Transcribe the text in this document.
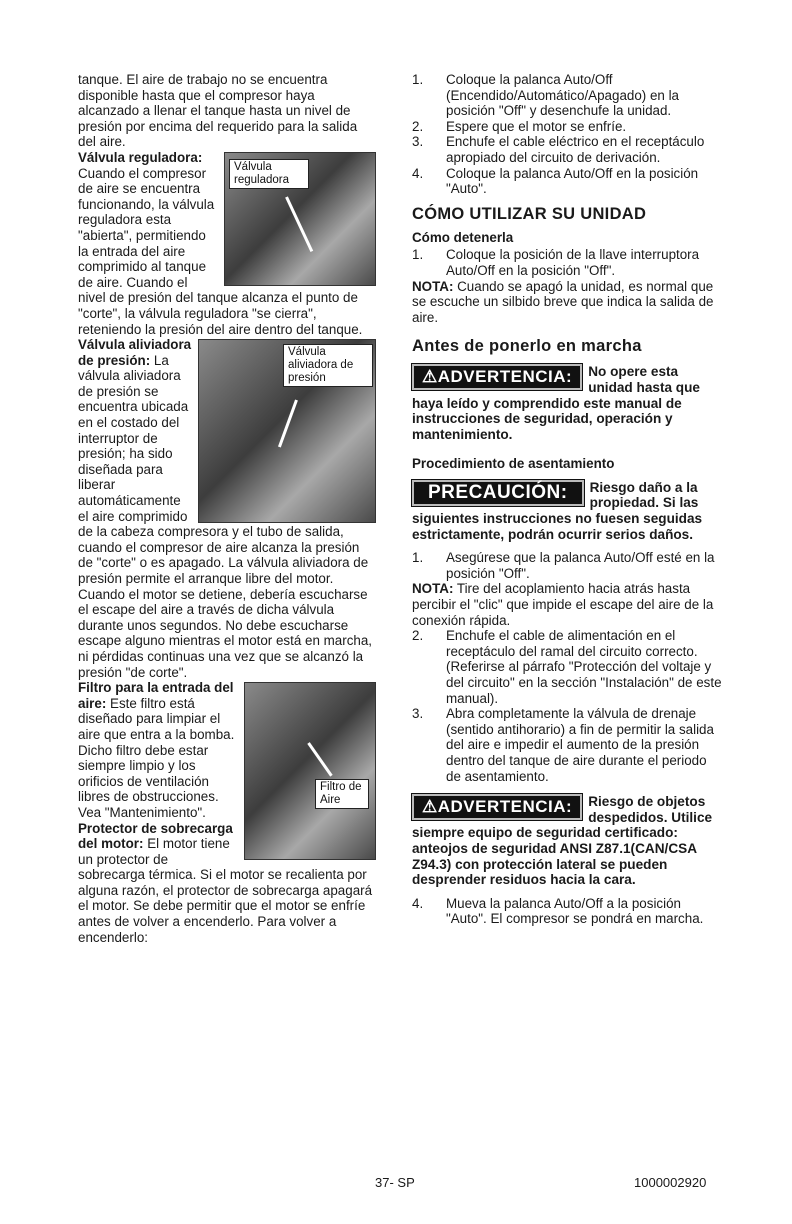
tanque. El aire de trabajo no se encuentra disponible hasta que el compresor haya alcanzado a llenar el tanque hasta un nivel de presión por encima del requerido para la salida del aire.

Válvula reguladora

Válvula reguladora: Cuando el compresor de aire se encuentra funcionando, la válvula reguladora esta "abierta", permitiendo la entrada del aire comprimido al tanque de aire. Cuando el nivel de presión del tanque alcanza el punto de "corte", la válvula reguladora "se cierra", reteniendo la presión del aire dentro del tanque.

Válvula aliviadora de presión

Válvula aliviadora de presión: La válvula aliviadora de presión se encuentra ubicada en el costado del interruptor de presión; ha sido diseñada para liberar automáticamente el aire comprimido de la cabeza compresora y el tubo de salida, cuando el compresor de aire alcanza la presión de "corte" o es apagado. La válvula aliviadora de presión permite el arranque libre del motor. Cuando el motor se detiene, debería escucharse el escape del aire a través de dicha válvula durante unos segundos. No debe escucharse escape alguno mientras el motor está en marcha, ni pérdidas continuas una vez que se alcanzó la presión "de corte".

Filtro de Aire

Filtro para la entrada del aire: Este filtro está diseñado para limpiar el aire que entra a la bomba. Dicho filtro debe estar siempre limpio y los orificios de ventilación libres de obstrucciones. Vea "Mantenimiento".

Protector de sobrecarga del motor: El motor tiene un protector de sobrecarga térmica. Si el motor se recalienta por alguna razón, el protector de sobrecarga apagará el motor. Se debe permitir que el motor se enfríe antes de volver a encenderlo. Para volver a encenderlo:

1. Coloque la palanca Auto/Off (Encendido/Automático/Apagado) en la posición "Off" y desenchufe la unidad.
2. Espere que el motor se enfríe.
3. Enchufe el cable eléctrico en el receptáculo apropiado del circuito de derivación.
4. Coloque la palanca Auto/Off en la posición "Auto".
CÓMO UTILIZAR SU UNIDAD
Cómo detenerla
1. Coloque la posición de la llave interruptora Auto/Off en la posición "Off".

NOTA: Cuando se apagó la unidad, es normal que se escuche un silbido breve que indica la salida de aire.

Antes de ponerlo en marcha
⚠ADVERTENCIA:	No opere esta unidad hasta que haya leído y comprendido este manual de instrucciones de seguridad, operación y mantenimiento.
Procedimiento de asentamiento
PRECAUCIÓN:	Riesgo daño a la propiedad. Si las siguientes instrucciones no fuesen seguidas estrictamente, podrán ocurrir serios daños.
1. Asegúrese que la palanca Auto/Off esté en la posición "Off".

NOTA: Tire del acoplamiento hacia atrás hasta percibir el "clic" que impide el escape del aire de la conexión rápida.

2. Enchufe el cable de alimentación en el receptáculo del ramal del circuito correcto. (Referirse al párrafo "Protección del voltaje y del circuito" en la sección "Instalación" de este manual).
3. Abra completamente la válvula de drenaje (sentido antihorario) a fin de permitir la salida del aire e impedir el aumento de la presión dentro del tanque de aire durante el periodo de asentamiento.
⚠ADVERTENCIA:	Riesgo de objetos despedidos. Utilice siempre equipo de seguridad certificado: anteojos de seguridad ANSI Z87.1(CAN/CSA Z94.3) con protección lateral se pueden desprender residuos hacia la cara.
4. Mueva la palanca Auto/Off a la posición "Auto". El compresor se pondrá en marcha.
37- SP	1000002920
